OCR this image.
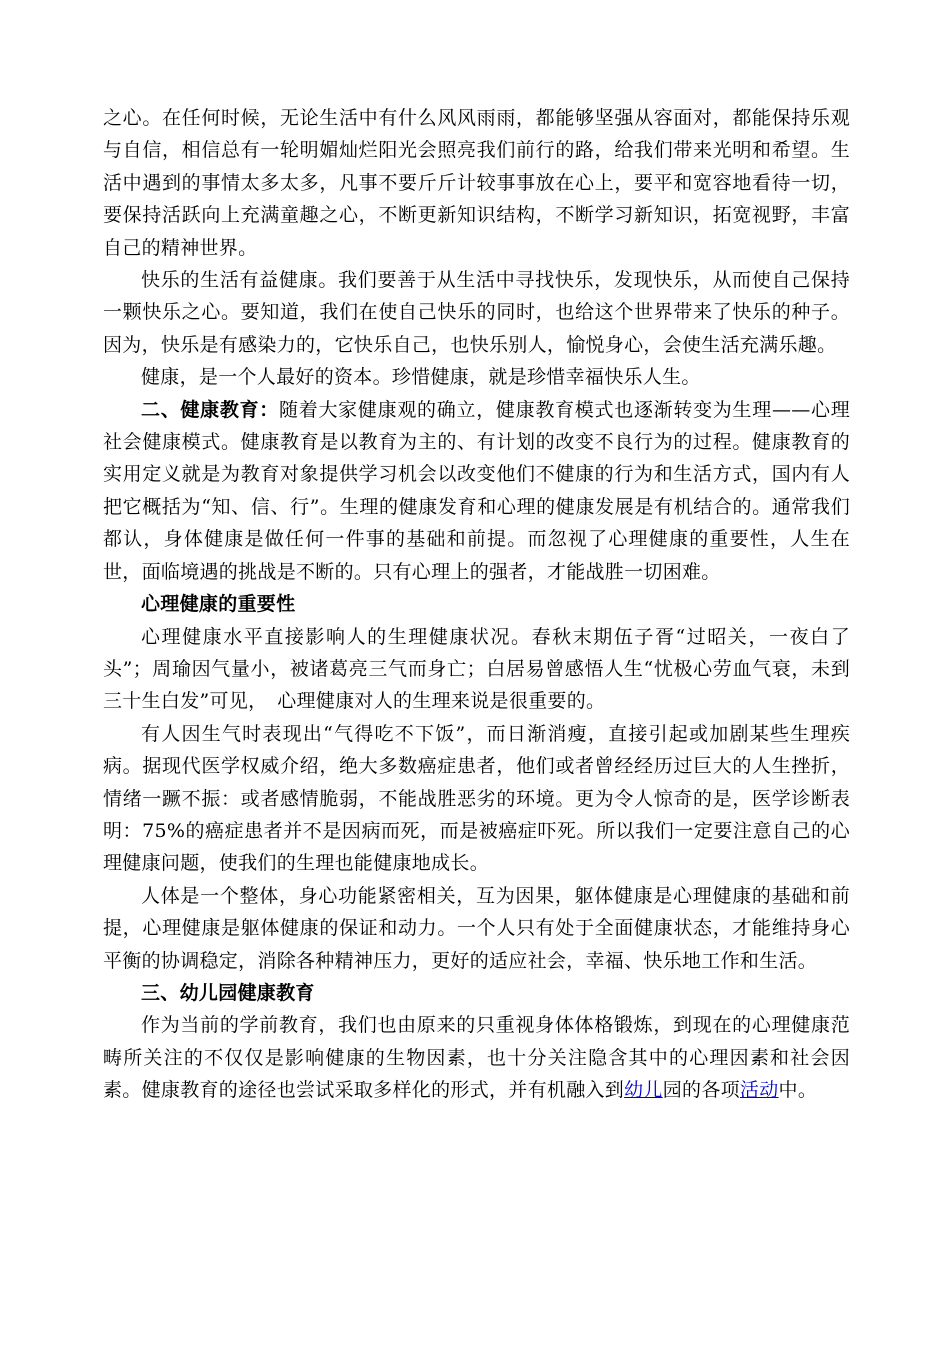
之心。在任何时候，无论生活中有什么风风雨雨，都能够坚强从容面对，都能保持乐观与自信，相信总有一轮明媚灿烂阳光会照亮我们前行的路，给我们带来光明和希望。生活中遇到的事情太多太多，凡事不要斤斤计较事事放在心上，要平和宽容地看待一切，要保持活跃向上充满童趣之心，不断更新知识结构，不断学习新知识，拓宽视野，丰富自己的精神世界。

快乐的生活有益健康。我们要善于从生活中寻找快乐，发现快乐，从而使自己保持一颗快乐之心。要知道，我们在使自己快乐的同时，也给这个世界带来了快乐的种子。因为，快乐是有感染力的，它快乐自己，也快乐别人，愉悦身心，会使生活充满乐趣。

健康，是一个人最好的资本。珍惜健康，就是珍惜幸福快乐人生。

二、健康教育：随着大家健康观的确立，健康教育模式也逐渐转变为生理——心理社会健康模式。健康教育是以教育为主的、有计划的改变不良行为的过程。健康教育的实用定义就是为教育对象提供学习机会以改变他们不健康的行为和生活方式，国内有人把它概括为“知、信、行”。生理的健康发育和心理的健康发展是有机结合的。通常我们都认，身体健康是做任何一件事的基础和前提。而忽视了心理健康的重要性，人生在世，面临境遇的挑战是不断的。只有心理上的强者，才能战胜一切困难。

心理健康的重要性

心理健康水平直接影响人的生理健康状况。春秋末期伍子胥“过昭关，一夜白了头”；周瑜因气量小，被诸葛亮三气而身亡；白居易曾感悟人生“忧极心劳血气衰，未到三十生白发”可见，　心理健康对人的生理来说是很重要的。

有人因生气时表现出“气得吃不下饭”，而日渐消瘦，直接引起或加剧某些生理疾病。据现代医学权威介绍，绝大多数癌症患者，他们或者曾经经历过巨大的人生挫折，情绪一蹶不振：或者感情脆弱，不能战胜恶劣的环境。更为令人惊奇的是，医学诊断表明：75%的癌症患者并不是因病而死，而是被癌症吓死。所以我们一定要注意自己的心理健康问题，使我们的生理也能健康地成长。

人体是一个整体，身心功能紧密相关，互为因果，躯体健康是心理健康的基础和前提，心理健康是躯体健康的保证和动力。一个人只有处于全面健康状态，才能维持身心平衡的协调稳定，消除各种精神压力，更好的适应社会，幸福、快乐地工作和生活。

三、幼儿园健康教育

作为当前的学前教育，我们也由原来的只重视身体体格锻炼，到现在的心理健康范畴所关注的不仅仅是影响健康的生物因素，也十分关注隐含其中的心理因素和社会因素。健康教育的途径也尝试采取多样化的形式，并有机融入到幼儿园的各项活动中。
